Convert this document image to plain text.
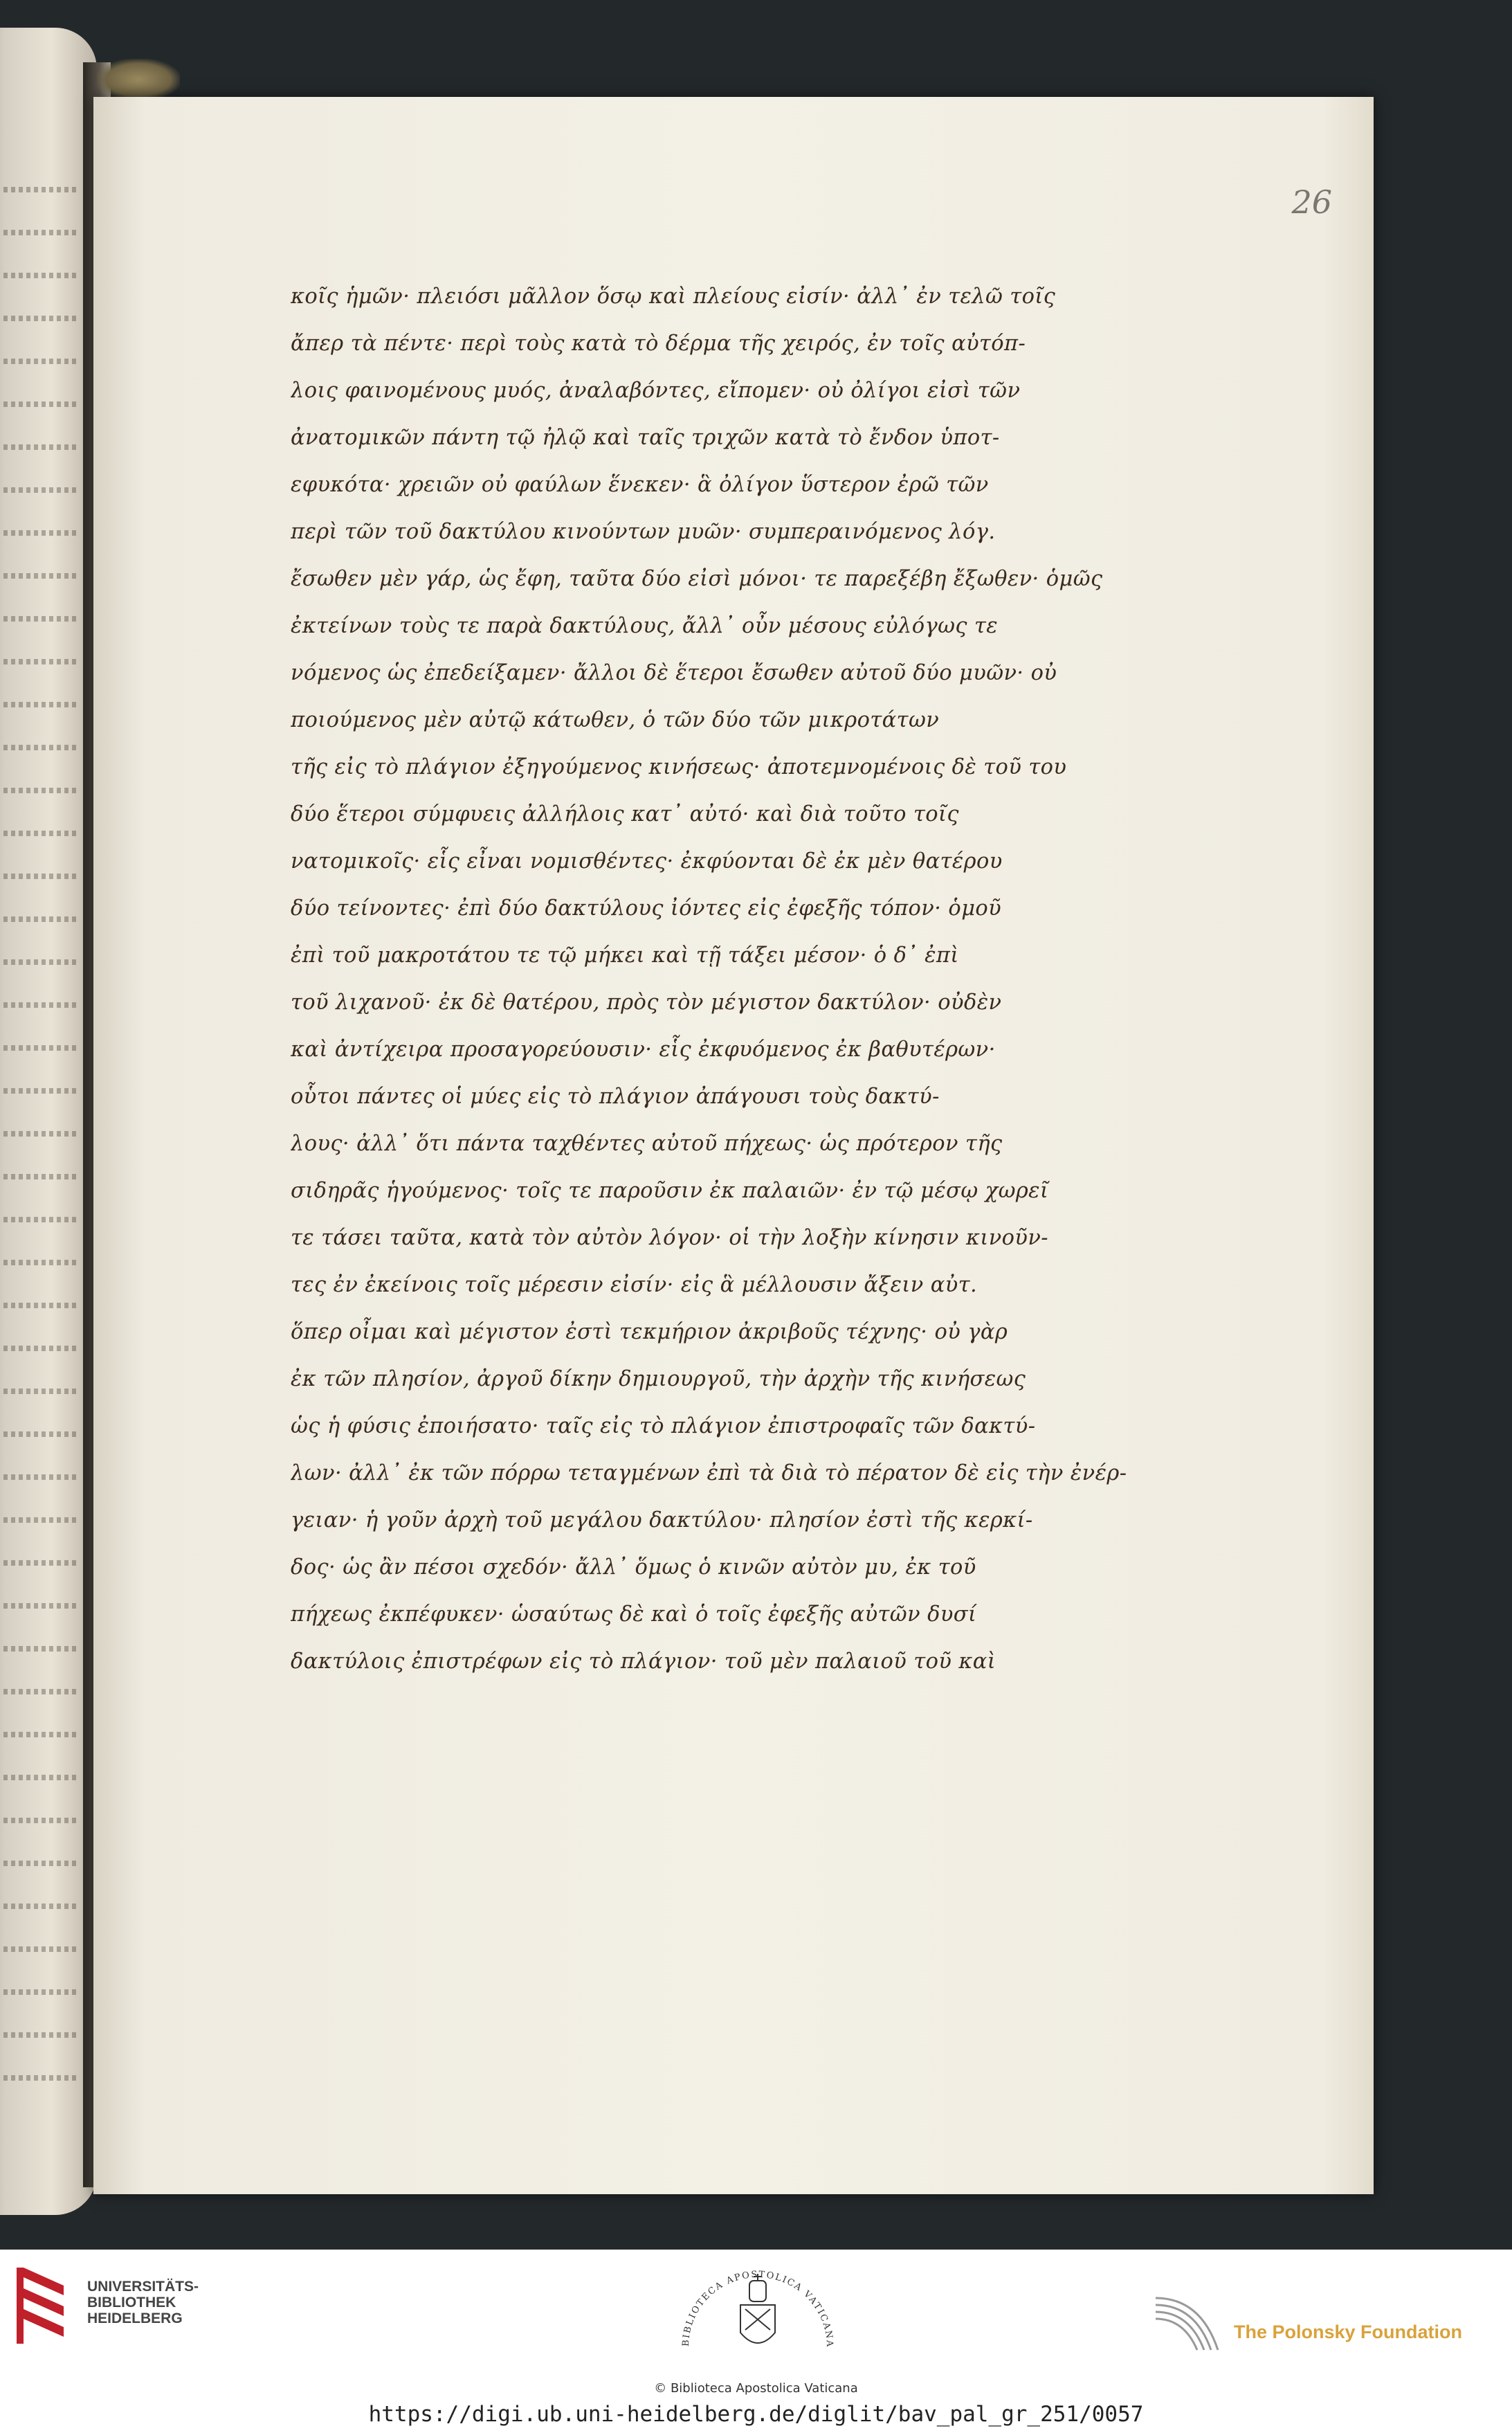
26
κοῖς ἡμῶν· πλειόσι μᾶλλον ὅσῳ καὶ πλείους εἰσίν· ἀλλ᾽ ἐν τελῶ τοῖς
ἄπερ τὰ πέντε· περὶ τοὺς κατὰ τὸ δέρμα τῆς χειρός, ἐν τοῖς αὐτόπ-
λοις φαινομένους μυός, ἀναλαβόντες, εἴπομεν· οὐ ὀλίγοι εἰσὶ τῶν
ἀνατομικῶν πάντη τῷ ἠλῷ καὶ ταῖς τριχῶν κατὰ τὸ ἔνδον ὑποτ-
εφυκότα· χρειῶν οὐ φαύλων ἕνεκεν· ἃ ὀλίγον ὕστερον ἐρῶ τῶν
περὶ τῶν τοῦ δακτύλου κινούντων μυῶν· συμπεραινόμενος λόγ.
ἔσωθεν μὲν γάρ, ὡς ἔφη, ταῦτα δύο εἰσὶ μόνοι· τε παρεξέβη ἔξωθεν· ὁμῶς
ἐκτείνων τοὺς τε παρὰ δακτύλους, ἄλλ᾽ οὖν μέσους εὐλόγως τε
νόμενος ὡς ἐπεδείξαμεν· ἄλλοι δὲ ἕτεροι ἔσωθεν αὐτοῦ δύο μυῶν· οὐ
ποιούμενος μὲν αὐτῷ κάτωθεν, ὁ τῶν δύο τῶν μικροτάτων
τῆς εἰς τὸ πλάγιον ἐξηγούμενος κινήσεως· ἀποτεμνομένοις δὲ τοῦ του
δύο ἕτεροι σύμφυεις ἀλλήλοις κατ᾽ αὐτό· καὶ διὰ τοῦτο τοῖς
νατομικοῖς· εἷς εἶναι νομισθέντες· ἐκφύονται δὲ ἐκ μὲν θατέρου
δύο τείνοντες· ἐπὶ δύο δακτύλους ἰόντες εἰς ἐφεξῆς τόπον· ὁμοῦ
ἐπὶ τοῦ μακροτάτου τε τῷ μήκει καὶ τῇ τάξει μέσον· ὁ δ᾽ ἐπὶ
τοῦ λιχανοῦ· ἐκ δὲ θατέρου, πρὸς τὸν μέγιστον δακτύλον· οὐδὲν
καὶ ἀντίχειρα προσαγορεύουσιν· εἷς ἐκφυόμενος ἐκ βαθυτέρων·
οὗτοι πάντες οἱ μύες εἰς τὸ πλάγιον ἀπάγουσι τοὺς δακτύ-
λους· ἀλλ᾽ ὅτι πάντα ταχθέντες αὐτοῦ πήχεως· ὡς πρότερον τῆς
σιδηρᾶς ἡγούμενος· τοῖς τε παροῦσιν ἐκ παλαιῶν· ἐν τῷ μέσῳ χωρεῖ
τε τάσει ταῦτα, κατὰ τὸν αὐτὸν λόγον· οἱ τὴν λοξὴν κίνησιν κινοῦν-
τες ἐν ἐκείνοις τοῖς μέρεσιν εἰσίν· εἰς ἃ μέλλουσιν ἄξειν αὐτ.
ὅπερ οἶμαι καὶ μέγιστον ἐστὶ τεκμήριον ἀκριβοῦς τέχνης· οὐ γὰρ
ἐκ τῶν πλησίον, ἀργοῦ δίκην δημιουργοῦ, τὴν ἀρχὴν τῆς κινήσεως
ὡς ἡ φύσις ἐποιήσατο· ταῖς εἰς τὸ πλάγιον ἐπιστροφαῖς τῶν δακτύ-
λων· ἀλλ᾽ ἐκ τῶν πόρρω τεταγμένων ἐπὶ τὰ διὰ τὸ πέρατον δὲ εἰς τὴν ἐνέρ-
γειαν· ἡ γοῦν ἀρχὴ τοῦ μεγάλου δακτύλου· πλησίον ἐστὶ τῆς κερκί-
δος· ὡς ἂν πέσοι σχεδόν· ἄλλ᾽ ὅμως ὁ κινῶν αὐτὸν μυ, ἐκ τοῦ
πήχεως ἐκπέφυκεν· ὡσαύτως δὲ καὶ ὁ τοῖς ἐφεξῆς αὐτῶν δυσί
δακτύλοις ἐπιστρέφων εἰς τὸ πλάγιον· τοῦ μὲν παλαιοῦ τοῦ καὶ
UNIVERSITÄTS-
BIBLIOTHEK
HEIDELBERG
BIBLIOTECA APOSTOLICA VATICANA
© Biblioteca Apostolica Vaticana
https://digi.ub.uni-heidelberg.de/diglit/bav_pal_gr_251/0057
The Polonsky Foundation
